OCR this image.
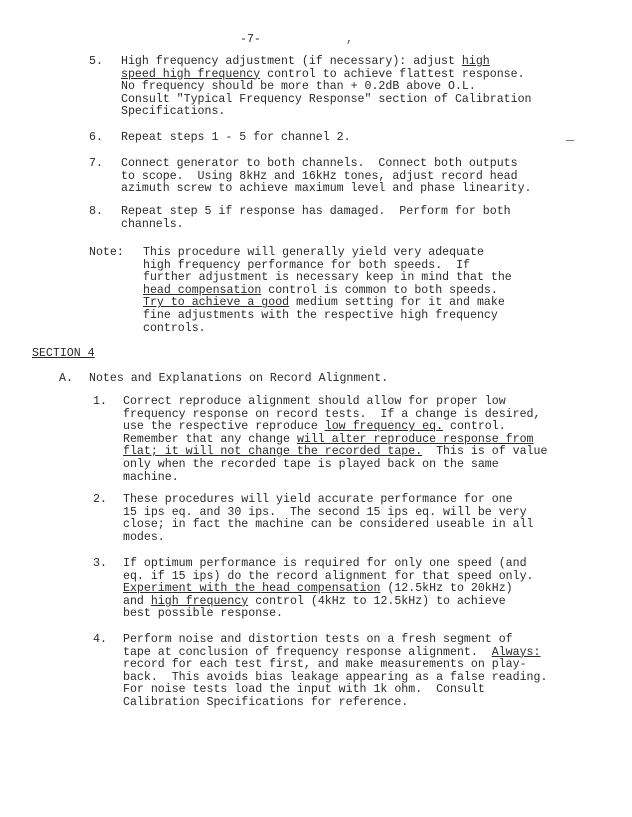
-7-	,
5. High frequency adjustment (if necessary): adjust high
speed high frequency control to achieve flattest response.
No frequency should be more than + 0.2dB above O.L.
Consult "Typical Frequency Response" section of Calibration
Specifications.
6. Repeat steps 1 - 5 for channel 2.
7. Connect generator to both channels.  Connect both outputs
to scope.  Using 8kHz and 16kHz tones, adjust record head
azimuth screw to achieve maximum level and phase linearity.
8. Repeat step 5 if response has damaged.  Perform for both
channels.
Note: This procedure will generally yield very adequate
high frequency performance for both speeds.  If
further adjustment is necessary keep in mind that the
head compensation control is common to both speeds.
Try to achieve a good medium setting for it and make
fine adjustments with the respective high frequency
controls.
SECTION 4
A. Notes and Explanations on Record Alignment.
1. Correct reproduce alignment should allow for proper low
frequency response on record tests.  If a change is desired,
use the respective reproduce low frequency eq. control.
Remember that any change will alter reproduce response from
flat; it will not change the recorded tape.  This is of value
only when the recorded tape is played back on the same
machine.
2. These procedures will yield accurate performance for one
15 ips eq. and 30 ips.  The second 15 ips eq. will be very
close; in fact the machine can be considered useable in all
modes.
3. If optimum performance is required for only one speed (and
eq. if 15 ips) do the record alignment for that speed only.
Experiment with the head compensation (12.5kHz to 20kHz)
and high frequency control (4kHz to 12.5kHz) to achieve
best possible response.
4. Perform noise and distortion tests on a fresh segment of
tape at conclusion of frequency response alignment.  Always:
record for each test first, and make measurements on play-
back.  This avoids bias leakage appearing as a false reading.
For noise tests load the input with 1k ohm.  Consult
Calibration Specifications for reference.
